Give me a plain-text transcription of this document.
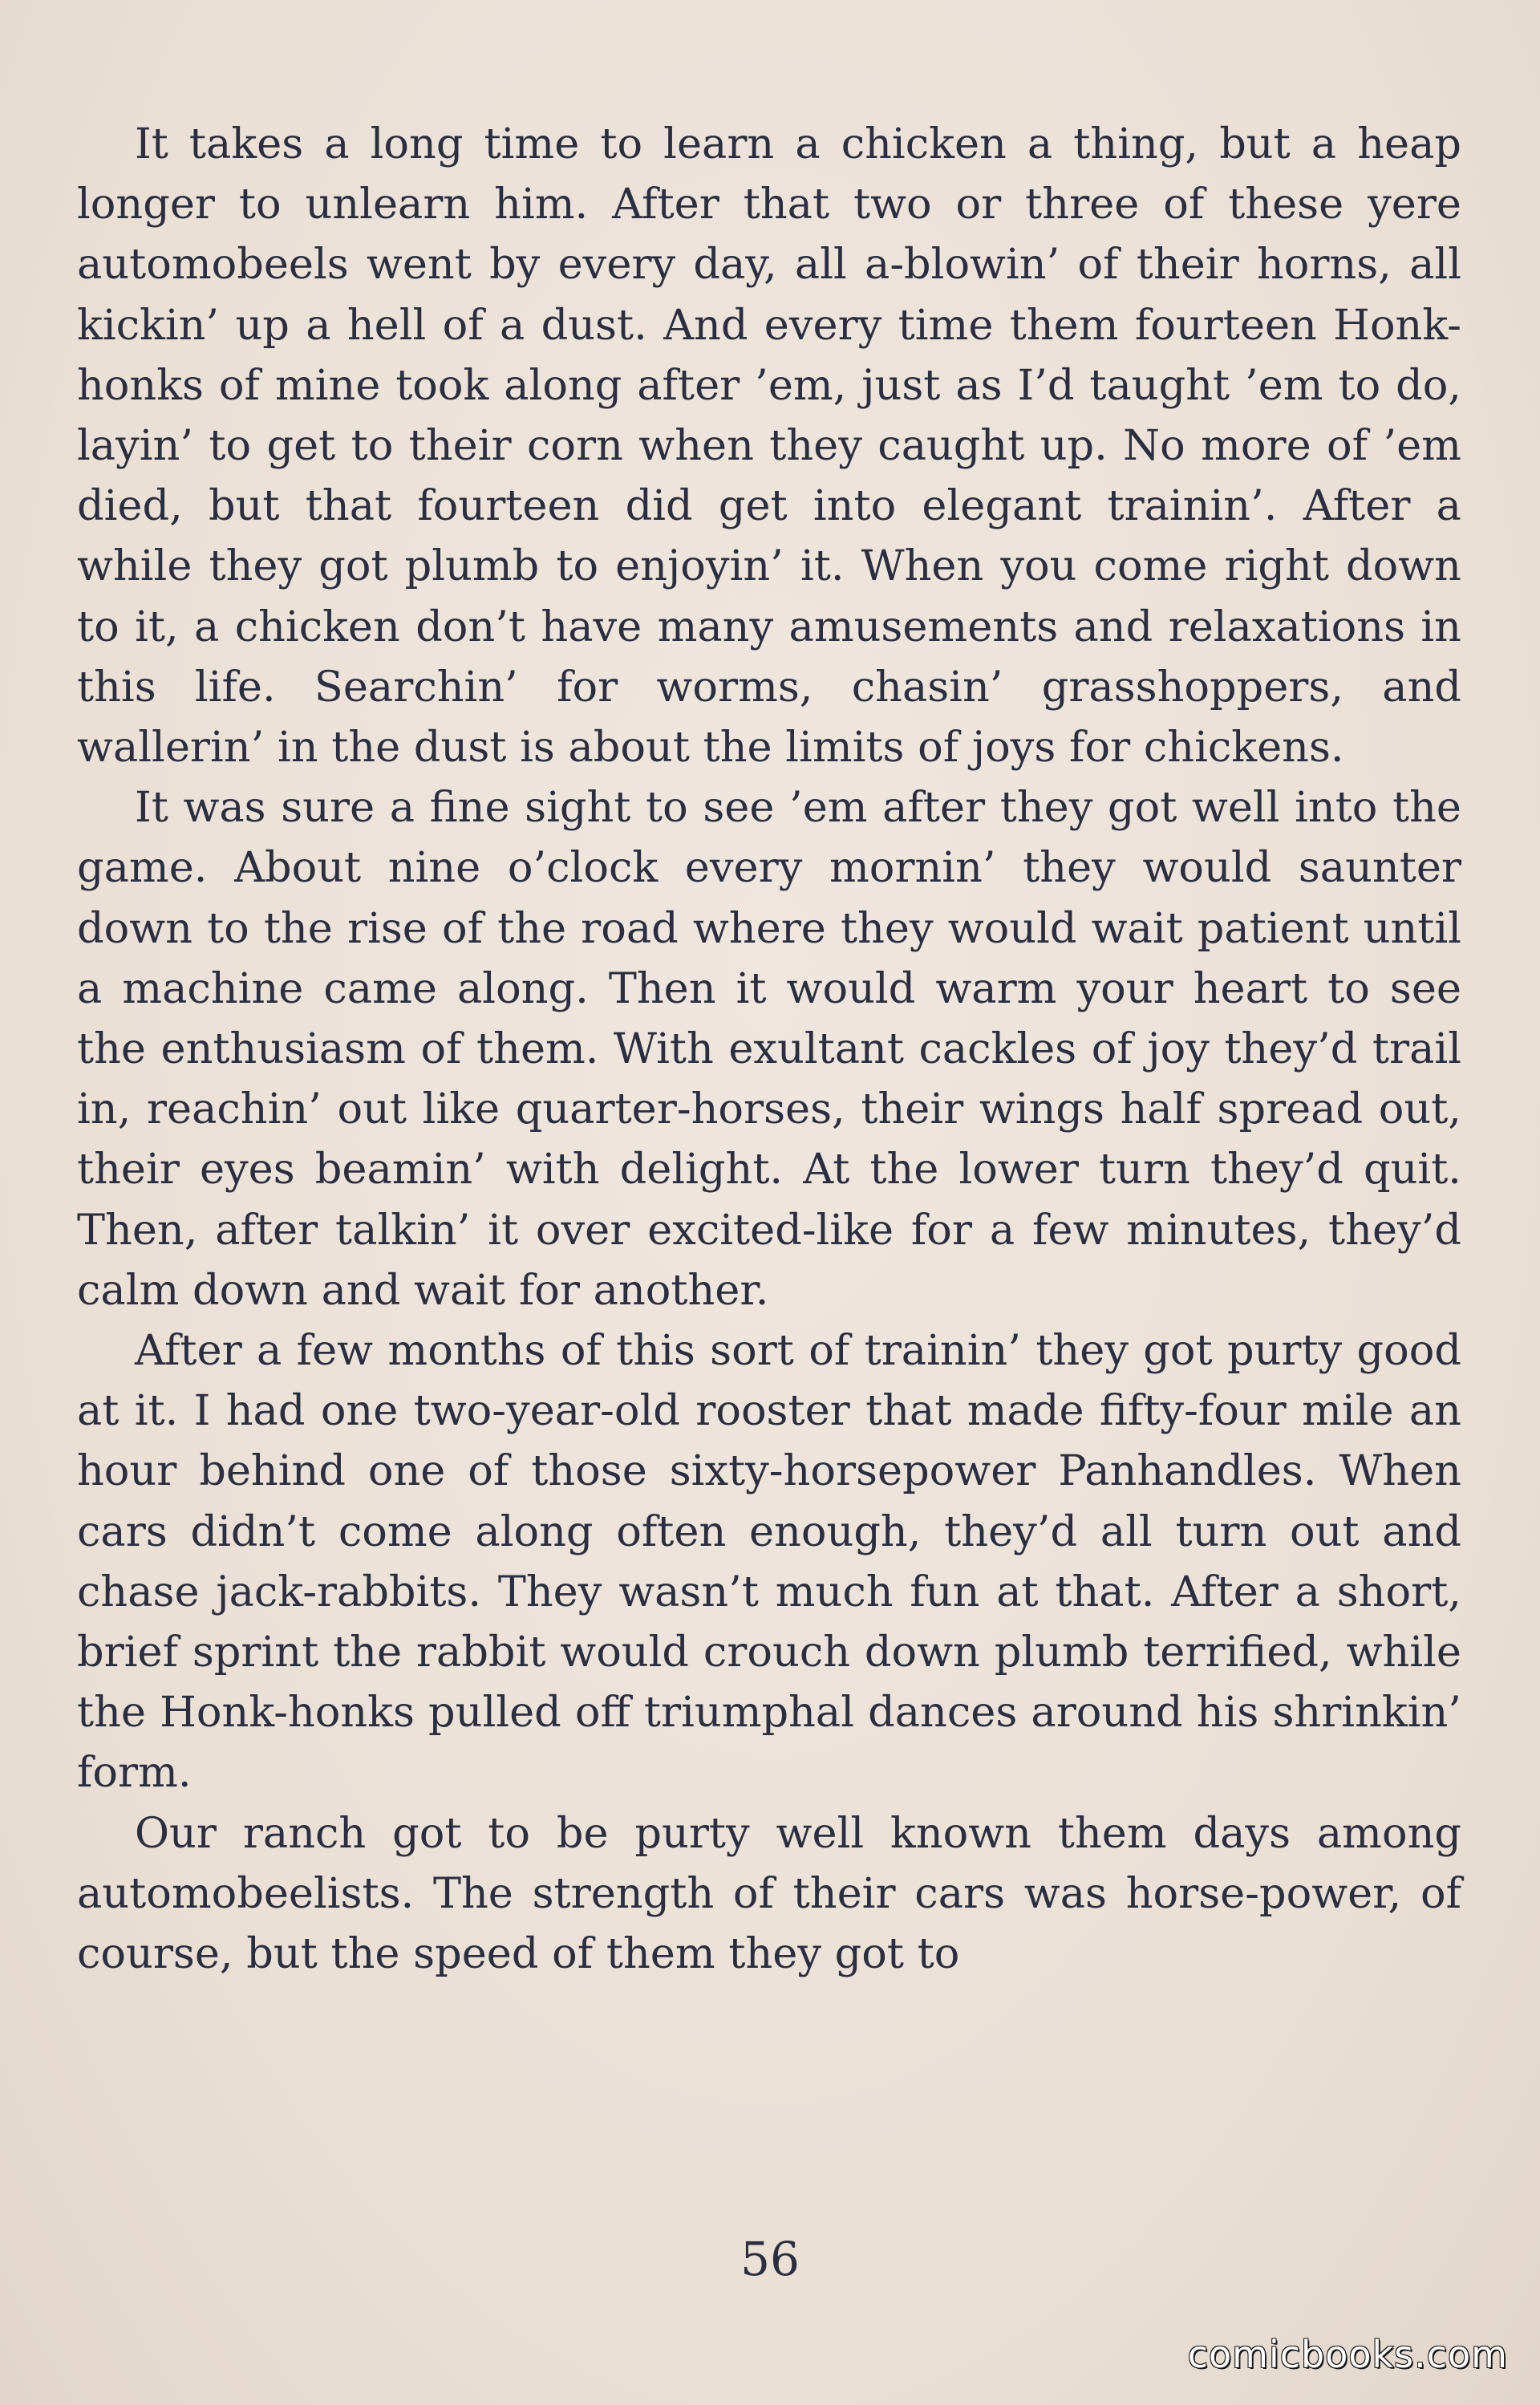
It takes a long time to learn a chicken a thing, but a heap longer to unlearn him. After that two or three of these yere automobeels went by every day, all a-blowin’ of their horns, all kickin’ up a hell of a dust. And every time them fourteen Honk-honks of mine took along after ’em, just as I’d taught ’em to do, layin’ to get to their corn when they caught up. No more of ’em died, but that fourteen did get into elegant trainin’. After a while they got plumb to enjoyin’ it. When you come right down to it, a chicken don’t have many amusements and relaxations in this life. Searchin’ for worms, chasin’ grasshoppers, and wallerin’ in the dust is about the limits of joys for chickens.

It was sure a fine sight to see ’em after they got well into the game. About nine o’clock every mornin’ they would saunter down to the rise of the road where they would wait patient until a machine came along. Then it would warm your heart to see the enthusiasm of them. With exultant cackles of joy they’d trail in, reachin’ out like quarter-horses, their wings half spread out, their eyes beamin’ with delight. At the lower turn they’d quit. Then, after talkin’ it over excited-like for a few minutes, they’d calm down and wait for another.

After a few months of this sort of trainin’ they got purty good at it. I had one two-year-old rooster that made fifty-four mile an hour behind one of those sixty-horsepower Panhandles. When cars didn’t come along often enough, they’d all turn out and chase jack-rabbits. They wasn’t much fun at that. After a short, brief sprint the rabbit would crouch down plumb terrified, while the Honk-honks pulled off triumphal dances around his shrinkin’ form.

Our ranch got to be purty well known them days among automobeelists. The strength of their cars was horse-power, of course, but the speed of them they got to

56
comicbooks.com
